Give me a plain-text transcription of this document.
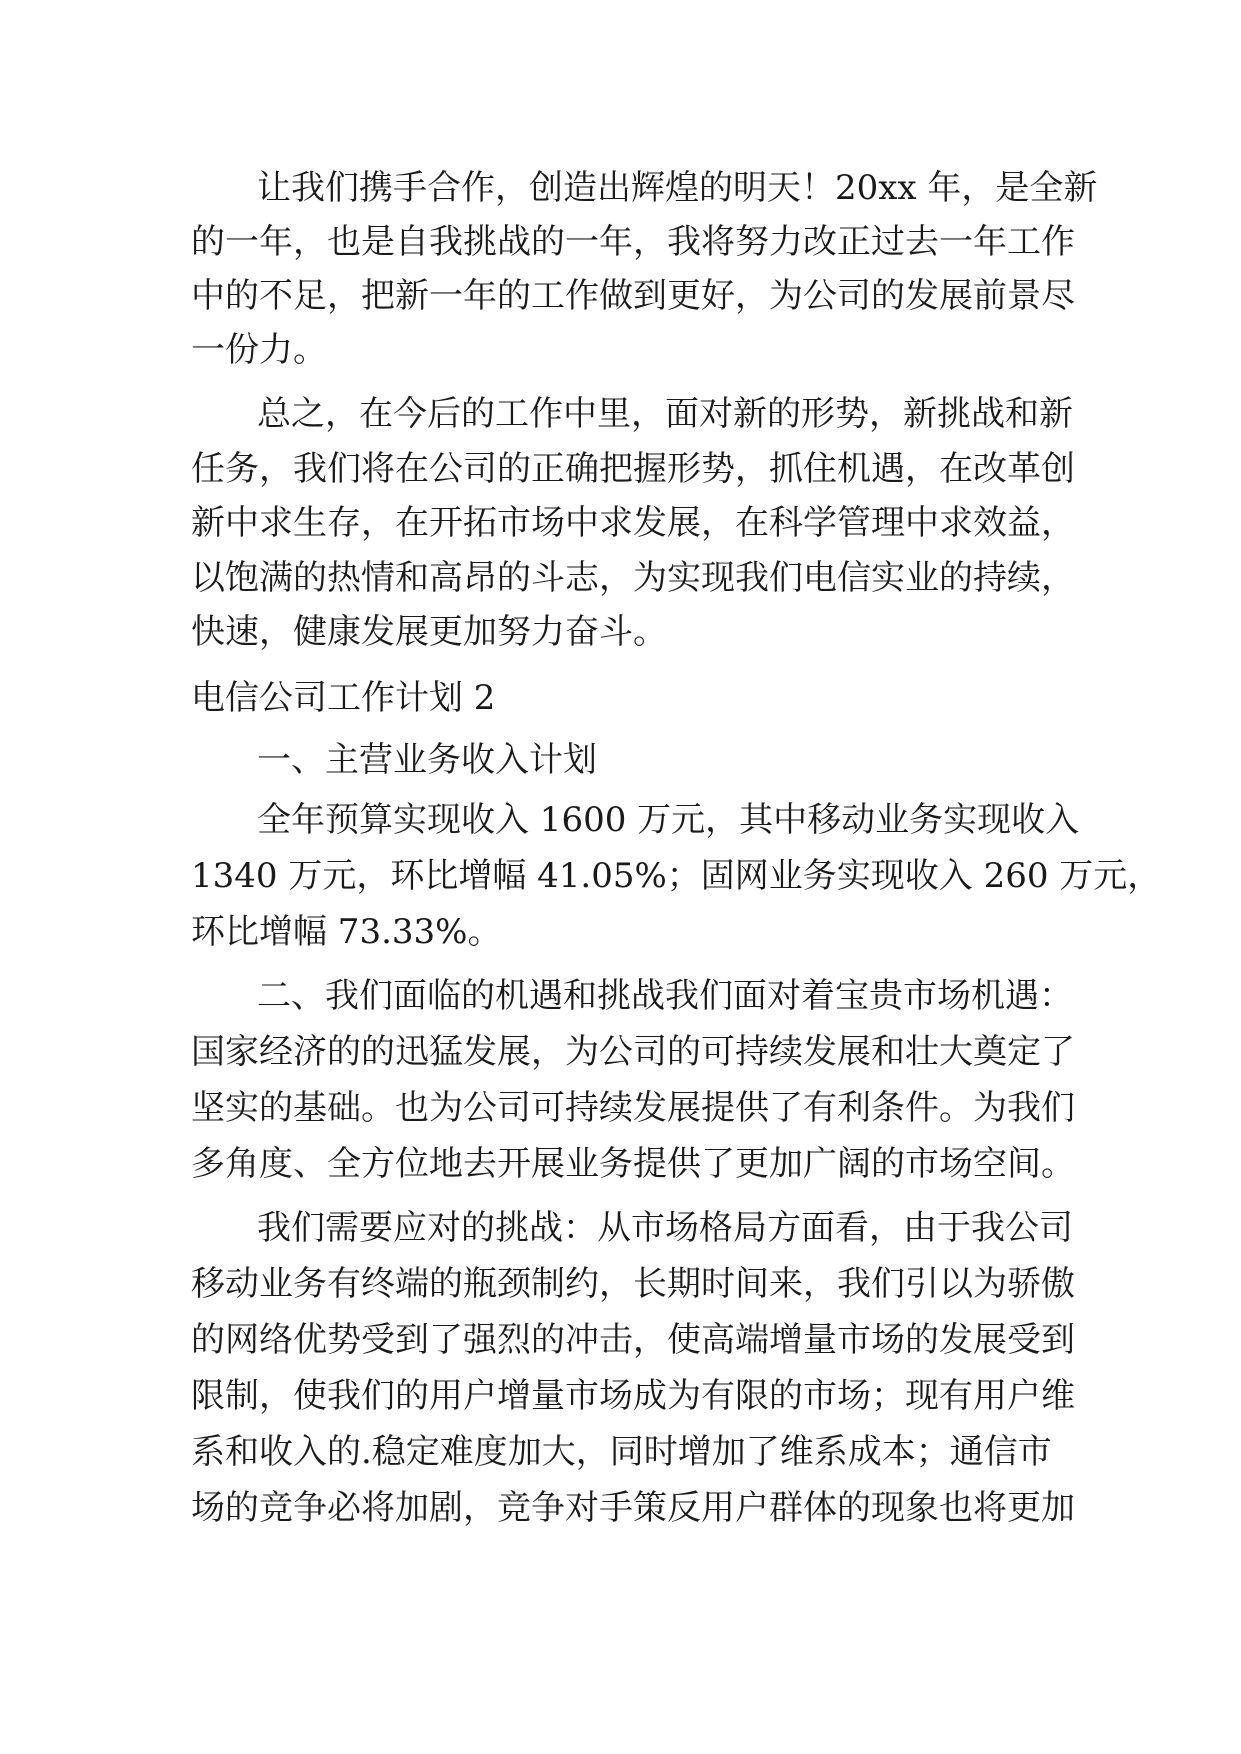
让我们携手合作，创造出辉煌的明天！20xx 年，是全新
的一年，也是自我挑战的一年，我将努力改正过去一年工作
中的不足，把新一年的工作做到更好，为公司的发展前景尽
一份力。
总之，在今后的工作中里，面对新的形势，新挑战和新
任务，我们将在公司的正确把握形势，抓住机遇，在改革创
新中求生存，在开拓市场中求发展，在科学管理中求效益，
以饱满的热情和高昂的斗志，为实现我们电信实业的持续，
快速，健康发展更加努力奋斗。
电信公司工作计划 2
一、主营业务收入计划
全年预算实现收入 1600 万元，其中移动业务实现收入
1340 万元，环比增幅 41.05%；固网业务实现收入 260 万元，
环比增幅 73.33%。
二、我们面临的机遇和挑战我们面对着宝贵市场机遇：
国家经济的的迅猛发展，为公司的可持续发展和壮大奠定了
坚实的基础。也为公司可持续发展提供了有利条件。为我们
多角度、全方位地去开展业务提供了更加广阔的市场空间。
我们需要应对的挑战：从市场格局方面看，由于我公司
移动业务有终端的瓶颈制约，长期时间来，我们引以为骄傲
的网络优势受到了强烈的冲击，使高端增量市场的发展受到
限制，使我们的用户增量市场成为有限的市场；现有用户维
系和收入的.稳定难度加大，同时增加了维系成本；通信市
场的竞争必将加剧，竞争对手策反用户群体的现象也将更加
